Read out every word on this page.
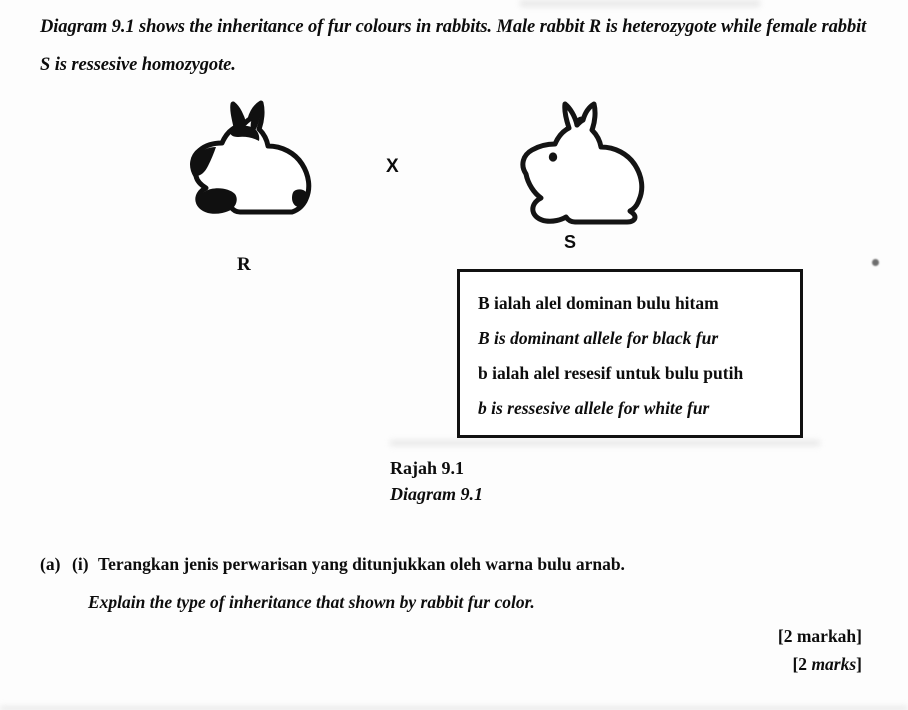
Diagram 9.1 shows the inheritance of fur colours in rabbits. Male rabbit R is heterozygote while female rabbit S is ressesive homozygote.
R
X
S
B ialah alel dominan bulu hitam
B is dominant allele for black fur
b ialah alel resesif untuk bulu putih
b is ressesive allele for white fur
Rajah 9.1
Diagram 9.1
(a) (i) Terangkan jenis perwarisan yang ditunjukkan oleh warna bulu arnab.
Explain the type of inheritance that shown by rabbit fur color.
[2 markah]
[2 marks]
